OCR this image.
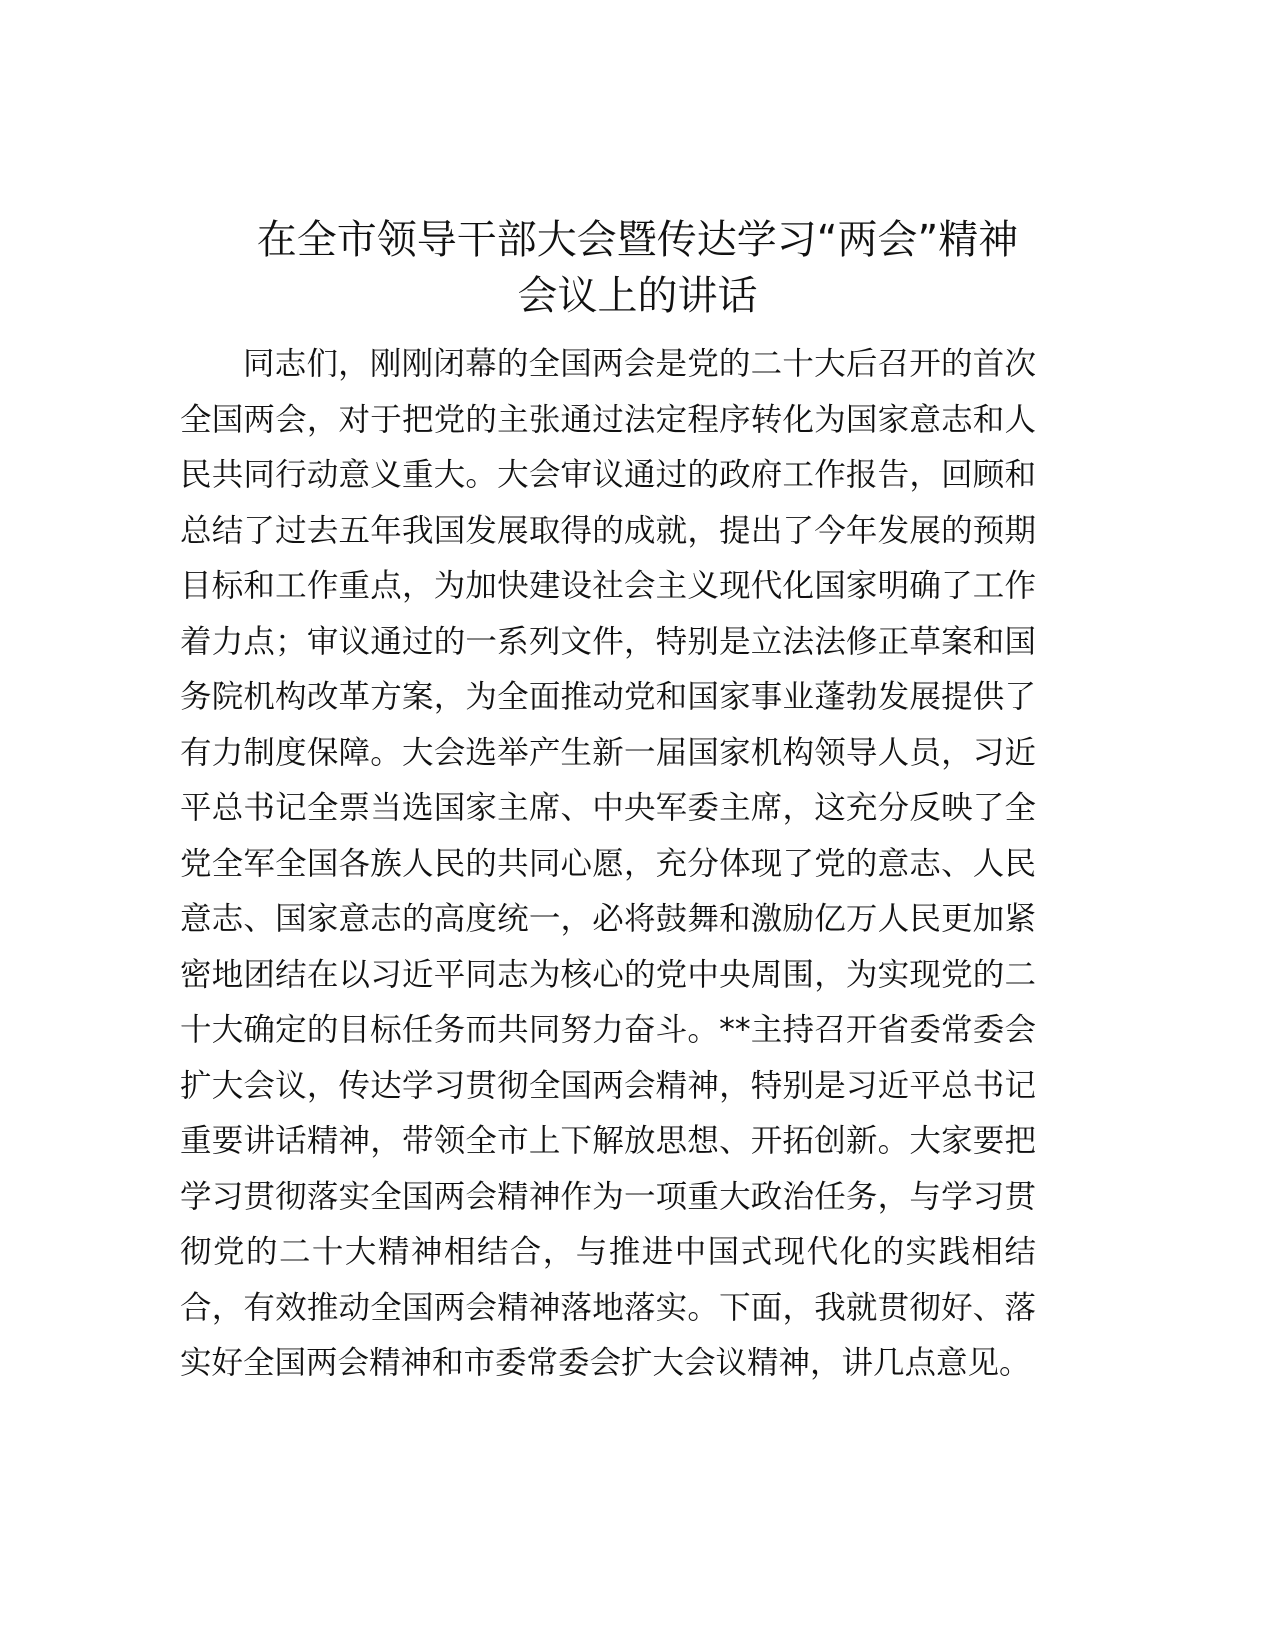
在全市领导干部大会暨传达学习“两会”精神
会议上的讲话
同志们，刚刚闭幕的全国两会是党的二十大后召开的首次
全国两会，对于把党的主张通过法定程序转化为国家意志和人
民共同行动意义重大。大会审议通过的政府工作报告，回顾和
总结了过去五年我国发展取得的成就，提出了今年发展的预期
目标和工作重点，为加快建设社会主义现代化国家明确了工作
着力点；审议通过的一系列文件，特别是立法法修正草案和国
务院机构改革方案，为全面推动党和国家事业蓬勃发展提供了
有力制度保障。大会选举产生新一届国家机构领导人员，习近
平总书记全票当选国家主席、中央军委主席，这充分反映了全
党全军全国各族人民的共同心愿，充分体现了党的意志、人民
意志、国家意志的高度统一，必将鼓舞和激励亿万人民更加紧
密地团结在以习近平同志为核心的党中央周围，为实现党的二
十大确定的目标任务而共同努力奋斗。**主持召开省委常委会
扩大会议，传达学习贯彻全国两会精神，特别是习近平总书记
重要讲话精神，带领全市上下解放思想、开拓创新。大家要把
学习贯彻落实全国两会精神作为一项重大政治任务，与学习贯
彻党的二十大精神相结合，与推进中国式现代化的实践相结
合，有效推动全国两会精神落地落实。下面，我就贯彻好、落
实好全国两会精神和市委常委会扩大会议精神，讲几点意见。
